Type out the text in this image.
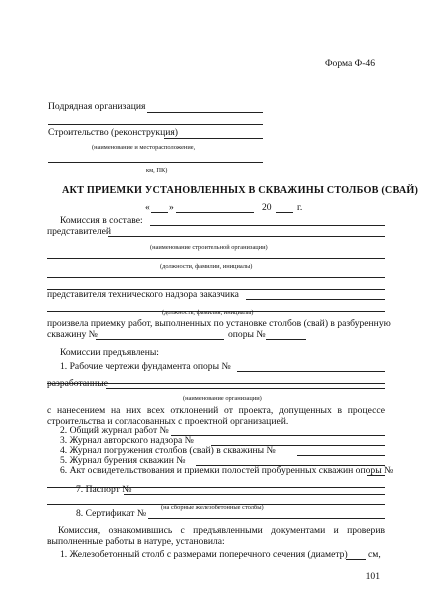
Форма Ф-46
Подрядная организация
Строительство (реконструкция)
(наименование и месторасположение,
км, ПК)
АКТ ПРИЕМКИ УСТАНОВЛЕННЫХ В СКВАЖИНЫ СТОЛБОВ (СВАЙ)
« »	20	г.
Комиссия в составе:
представителей
(наименование строительной организации)
(должности, фамилии, инициалы)
представителя технического надзора заказчика
(должность, фамилия, инициалы)
произвела приемку работ, выполненных по установке столбов (свай) в разбуренную
скважину №	опоры №
Комиссии предъявлены:
1. Рабочие чертежи фундамента опоры №
разработанные
(наименование организации)

с нанесением на них всех отклонений от проекта, допущенных в процессе строительства и согласованных с проектной организацией.

2. Общий журнал работ №
3. Журнал авторского надзора №
4. Журнал погружения столбов (свай) в скважины №
5. Журнал бурения скважин №
6. Акт освидетельствования и приемки полостей пробуренных скважин опоры №
7. Паспорт №
(на сборные железобетонные столбы)
8. Сертификат №

Комиссия, ознакомившись с предъявленными документами и проверив выполненные работы в натуре, установила:

1. Железобетонный столб с размерами поперечного сечения (диаметр) см,
101
